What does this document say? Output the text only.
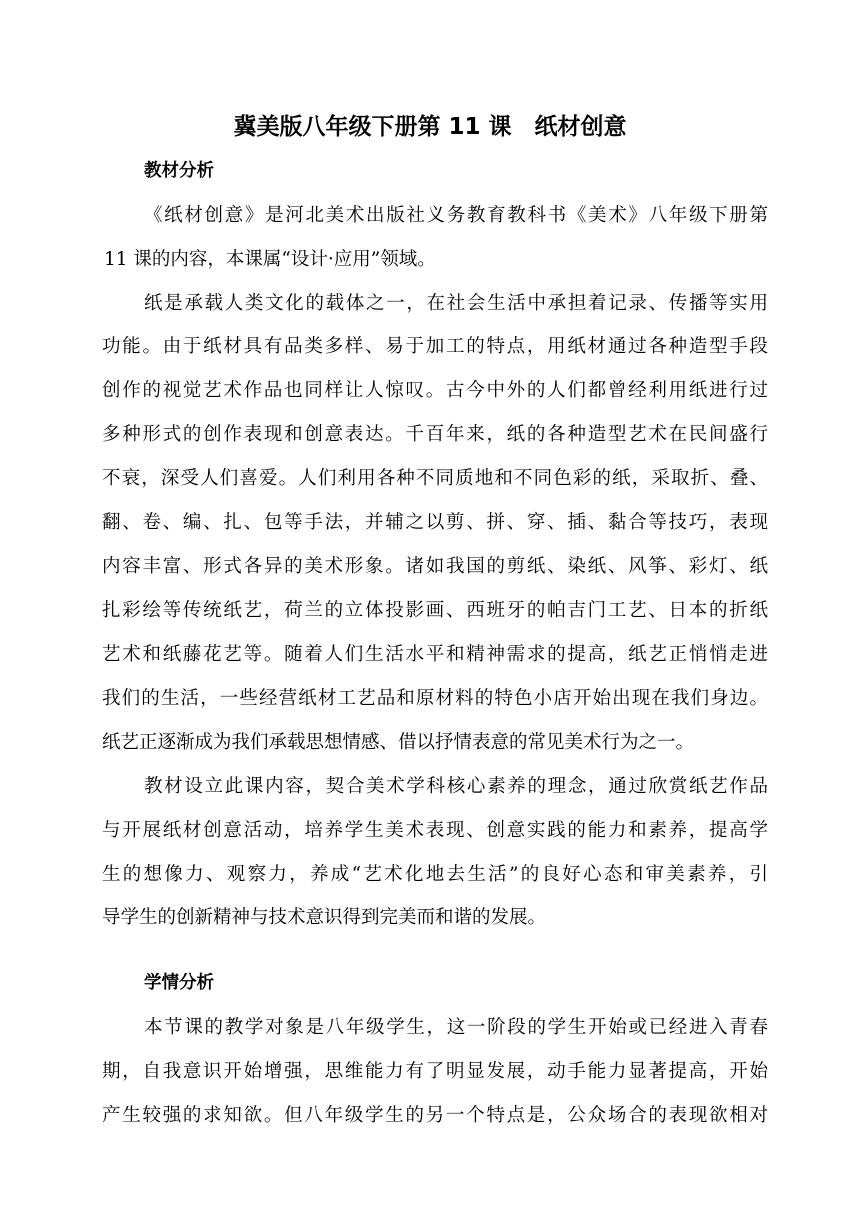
冀美版八年级下册第 11 课　纸材创意
教材分析
《纸材创意》是河北美术出版社义务教育教科书《美术》八年级下册第
11 课的内容，本课属“设计·应用”领域。
纸是承载人类文化的载体之一，在社会生活中承担着记录、传播等实用
功能。由于纸材具有品类多样、易于加工的特点，用纸材通过各种造型手段
创作的视觉艺术作品也同样让人惊叹。古今中外的人们都曾经利用纸进行过
多种形式的创作表现和创意表达。千百年来，纸的各种造型艺术在民间盛行
不衰，深受人们喜爱。人们利用各种不同质地和不同色彩的纸，采取折、叠、
翻、卷、编、扎、包等手法，并辅之以剪、拼、穿、插、黏合等技巧，表现
内容丰富、形式各异的美术形象。诸如我国的剪纸、染纸、风筝、彩灯、纸
扎彩绘等传统纸艺，荷兰的立体投影画、西班牙的帕吉门工艺、日本的折纸
艺术和纸藤花艺等。随着人们生活水平和精神需求的提高，纸艺正悄悄走进
我们的生活，一些经营纸材工艺品和原材料的特色小店开始出现在我们身边。
纸艺正逐渐成为我们承载思想情感、借以抒情表意的常见美术行为之一。
教材设立此课内容，契合美术学科核心素养的理念，通过欣赏纸艺作品
与开展纸材创意活动，培养学生美术表现、创意实践的能力和素养，提高学
生的想像力、观察力，养成“艺术化地去生活”的良好心态和审美素养，引
导学生的创新精神与技术意识得到完美而和谐的发展。
学情分析
本节课的教学对象是八年级学生，这一阶段的学生开始或已经进入青春
期，自我意识开始增强，思维能力有了明显发展，动手能力显著提高，开始
产生较强的求知欲。但八年级学生的另一个特点是，公众场合的表现欲相对
